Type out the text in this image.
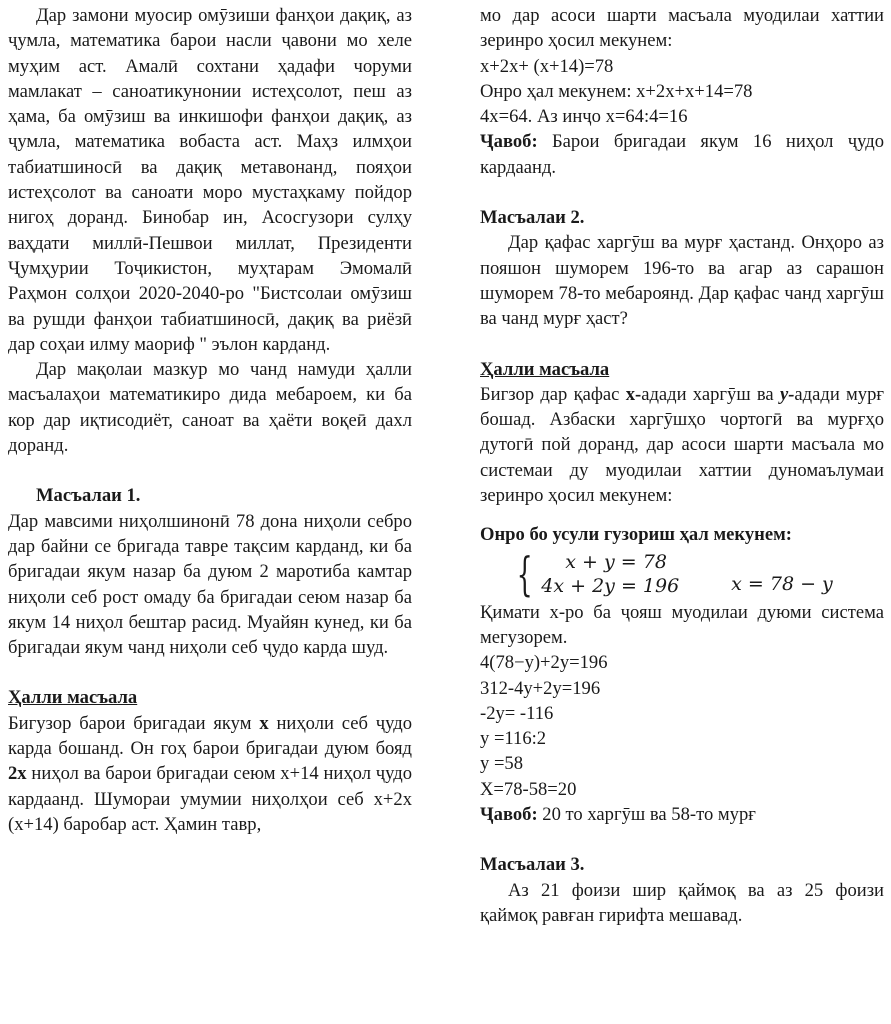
Дар замони муосир омӯзиши фанҳои дақиқ, аз ҷумла, математика барои насли ҷавони мо хеле муҳим аст. Амалӣ сохтани ҳадафи чоруми мамлакат – саноатикунонии истеҳсолот, пеш аз ҳама, ба омӯзиш ва инкишофи фанҳои дақиқ, аз ҷумла, математика вобаста аст. Маҳз илмҳои табиатшиносӣ ва дақиқ метавонанд, пояҳои истеҳсолот ва саноати моро мустаҳкаму пойдор нигоҳ доранд. Бинобар ин, Асосгузори сулҳу ваҳдати миллӣ-Пешвои миллат, Президенти Ҷумҳурии Тоҷикистон, муҳтарам Эмомалӣ Раҳмон солҳои 2020-2040-ро "Бистсолаи омӯзиш ва рушди фанҳои табиатшиносӣ, дақиқ ва риёзӣ дар соҳаи илму маориф " эълон карданд.

Дар мақолаи мазкур мо чанд намуди ҳалли масъалаҳои математикиро дида мебароем, ки ба кор дар иқтисодиёт, саноат ва ҳаёти воқеӣ дахл доранд.

Масъалаи 1.

Дар мавсими ниҳолшинонӣ 78 дона ниҳоли себро дар байни се бригада тавре тақсим карданд, ки ба бригадаи якум назар ба дуюм 2 маротиба камтар ниҳоли себ рост омаду ба бригадаи сеюм назар ба якум 14 ниҳол бештар расид. Муайян кунед, ки ба бригадаи якум чанд ниҳоли себ ҷудо карда шуд.

Ҳалли масъала

Бигузор барои бригадаи якум x ниҳоли себ ҷудо карда бошанд. Он гоҳ барои бригадаи дуюм бояд 2x ниҳол ва барои бригадаи сеюм x+14 ниҳол ҷудо кардаанд. Шумораи умумии ниҳолҳои себ x+2x (x+14) баробар аст. Ҳамин тавр,

мо дар асоси шарти масъала муодилаи хаттии зеринро ҳосил мекунем:

x+2x+ (x+14)=78

Онро ҳал мекунем: x+2x+x+14=78

4x=64. Аз инҷо x=64:4=16

Ҷавоб: Барои бригадаи якум 16 ниҳол ҷудо кардаанд.

Масъалаи 2.

Дар қафас харгӯш ва мурғ ҳастанд. Онҳоро аз пояшон шуморем 196-то ва агар аз сарашон шуморем 78-то мебароянд. Дар қафас чанд харгӯш ва чанд мурғ ҳаст?

Ҳалли масъала

Бигзор дар қафас x-адади харгӯш ва y-адади мурғ бошад. Азбаски харгӯшҳо чортогӣ ва мурғҳо дутогӣ пой доранд, дар асоси шарти масъала мо системаи ду муодилаи хаттии дуномаълумаи зеринро ҳосил мекунем:

Онро бо усули гузориш ҳал мекунем:

{	x + y = 78
4x + 2y = 196	x = 78 − y

Қимати x-ро ба ҷояш муодилаи дуюми система мегузорем.

4(78−y)+2y=196

312-4y+2y=196

-2y= -116

y =116:2

y =58

X=78-58=20

Ҷавоб: 20 то харгӯш ва 58-то мурғ

Масъалаи 3.

Аз 21 фоизи шир қаймоқ ва аз 25 фоизи қаймоқ равған гирифта мешавад.
